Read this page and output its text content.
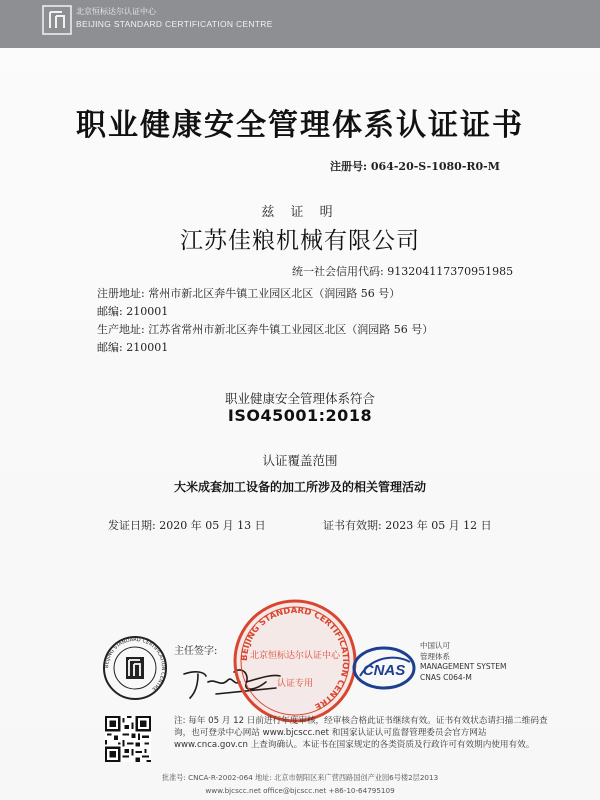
北京恒标达尔认证中心
BEIJING STANDARD CERTIFICATION CENTRE
职业健康安全管理体系认证证书
注册号: 064-20-S-1080-R0-M
兹 证 明
江苏佳粮机械有限公司
统一社会信用代码: 913204117370951985
注册地址: 常州市新北区奔牛镇工业园区北区（润园路 56 号）
邮编: 210001
生产地址: 江苏省常州市新北区奔牛镇工业园区北区（润园路 56 号）
邮编: 210001
职业健康安全管理体系符合
ISO45001:2018
认证覆盖范围
大米成套加工设备的加工所涉及的相关管理活动
发证日期: 2020 年 05 月 13 日	证书有效期: 2023 年 05 月 12 日
BEIJING STANDARD CERTIFICATION CENTRE
主任签字:
BEIJING STANDARD CERTIFICATION CENTRE
北京恒标达尔认证中心
认证专用
CNAS
中国认可
管理体系
MANAGEMENT SYSTEM
CNAS C064-M
注: 每年 05 月 12 日前进行年度审核，经审核合格此证书继续有效。证书有效状态请扫描二维码查询，也可登录中心网站 www.bjcscc.net 和国家认证认可监督管理委员会官方网站 www.cnca.gov.cn 上查询确认。本证书在国家规定的各类资质及行政许可有效期内使用有效。
批准号: CNCA-R-2002-064 地址: 北京市朝阳区来广营西路国创产业园6号楼2层2013
www.bjcscc.net office@bjcscc.net +86-10-64795109
